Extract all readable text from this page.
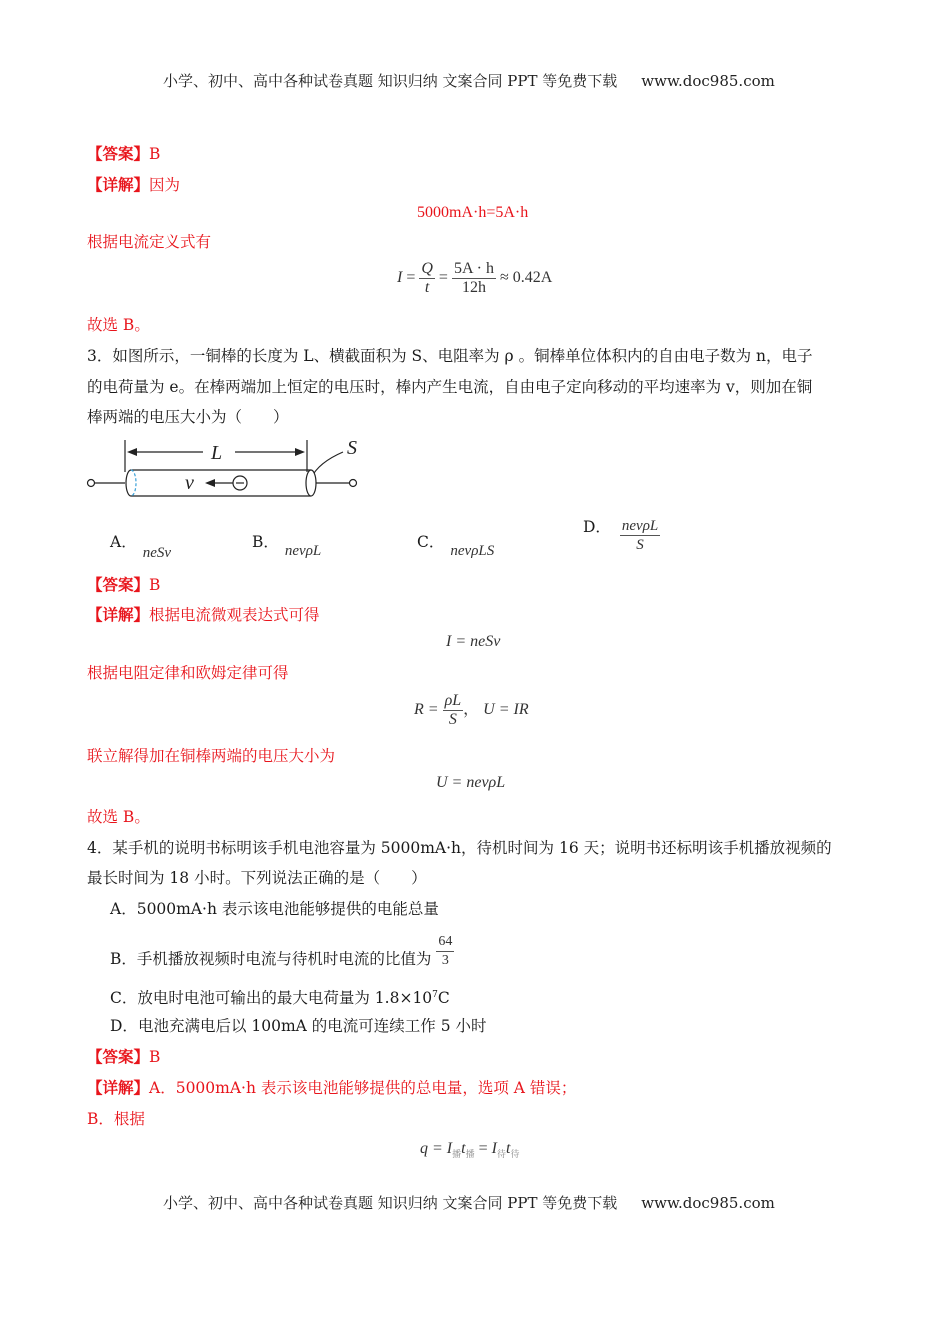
小学、初中、高中各种试卷真题 知识归纳 文案合同 PPT 等免费下载 www.doc985.com
【答案】B
【详解】因为
5000mA·h=5A·h
根据电流定义式有
$I = \frac{Q}{t} = \frac{5A \cdot h}{12h} \approx 0.42A$
故选 B。
3．如图所示，一铜棒的长度为 L、横截面积为 S、电阻率为 ρ 。铜棒单位体积内的自由电子数为 n，电子
的电荷量为 e。在棒两端加上恒定的电压时，棒内产生电流，自由电子定向移动的平均速率为 v，则加在铜
棒两端的电压大小为（　　）
L	S
v
A．neSv
B． nevρL	C． nevρLS
D． $\frac{\text{nevρL}}{S}$
【答案】B
【详解】根据电流微观表达式可得
I = neSv
根据电阻定律和欧姆定律可得
$R = \frac{\rho L}{S}$ ， U = IR
联立解得加在铜棒两端的电压大小为
U = nevρL
故选 B。
4．某手机的说明书标明该手机电池容量为 5000mA·h，待机时间为 16 天；说明书还标明该手机播放视频的
最长时间为 18 小时。下列说法正确的是（　　）
A．5000mA·h 表示该电池能够提供的电能总量
B．手机播放视频时电流与待机时电流的比值为 $\frac{64}{3}$
C．放电时电池可输出的最大电荷量为 $1.8\times 10^7C$
D．电池充满电后以 100mA 的电流可连续工作 5 小时
【答案】B
【详解】A．5000mA·h 表示该电池能够提供的总电量，选项 A 错误；
B．根据
$q = I_播t_播 = I_待t_待$
小学、初中、高中各种试卷真题 知识归纳 文案合同 PPT 等免费下载 www.doc985.com
